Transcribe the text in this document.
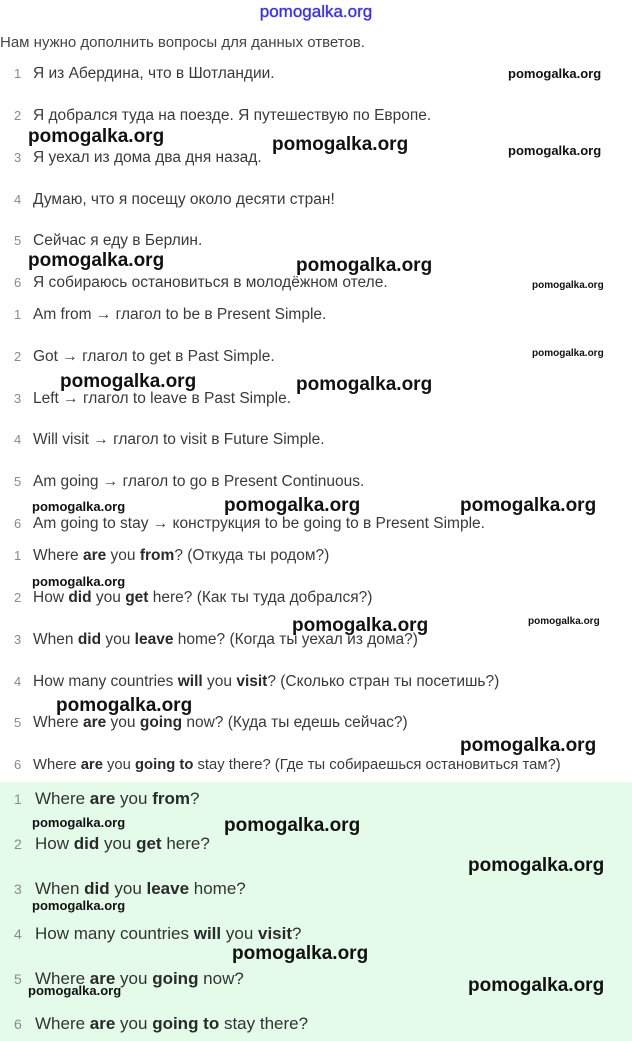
pomogalka.org
Нам нужно дополнить вопросы для данных ответов.
1 Я из Абердина, что в Шотландии.
2 Я добрался туда на поезде. Я путешествую по Европе.
3 Я уехал из дома два дня назад.
4 Думаю, что я посещу около десяти стран!
5 Сейчас я еду в Берлин.
6 Я собираюсь остановиться в молодёжном отеле.
1 Am from → глагол to be в Present Simple.
2 Got → глагол to get в Past Simple.
3 Left → глагол to leave в Past Simple.
4 Will visit → глагол to visit в Future Simple.
5 Am going → глагол to go в Present Continuous.
6 Am going to stay → конструкция to be going to в Present Simple.
1 Where are you from? (Откуда ты родом?)
2 How did you get here? (Как ты туда добрался?)
3 When did you leave home? (Когда ты уехал из дома?)
4 How many countries will you visit? (Сколько стран ты посетишь?)
5 Where are you going now? (Куда ты едешь сейчас?)
6 Where are you going to stay there? (Где ты собираешься остановиться там?)
1 Where are you from?
2 How did you get here?
3 When did you leave home?
4 How many countries will you visit?
5 Where are you going now?
6 Where are you going to stay there?
pomogalka.org
pomogalka.org	pomogalka.org	pomogalka.org
pomogalka.org	pomogalka.org
pomogalka.org
pomogalka.org
pomogalka.org	pomogalka.org
pomogalka.org	pomogalka.org	pomogalka.org
pomogalka.org
pomogalka.org	pomogalka.org
pomogalka.org
pomogalka.org
pomogalka.org	pomogalka.org
pomogalka.org
pomogalka.org
pomogalka.org
pomogalka.org	pomogalka.org
